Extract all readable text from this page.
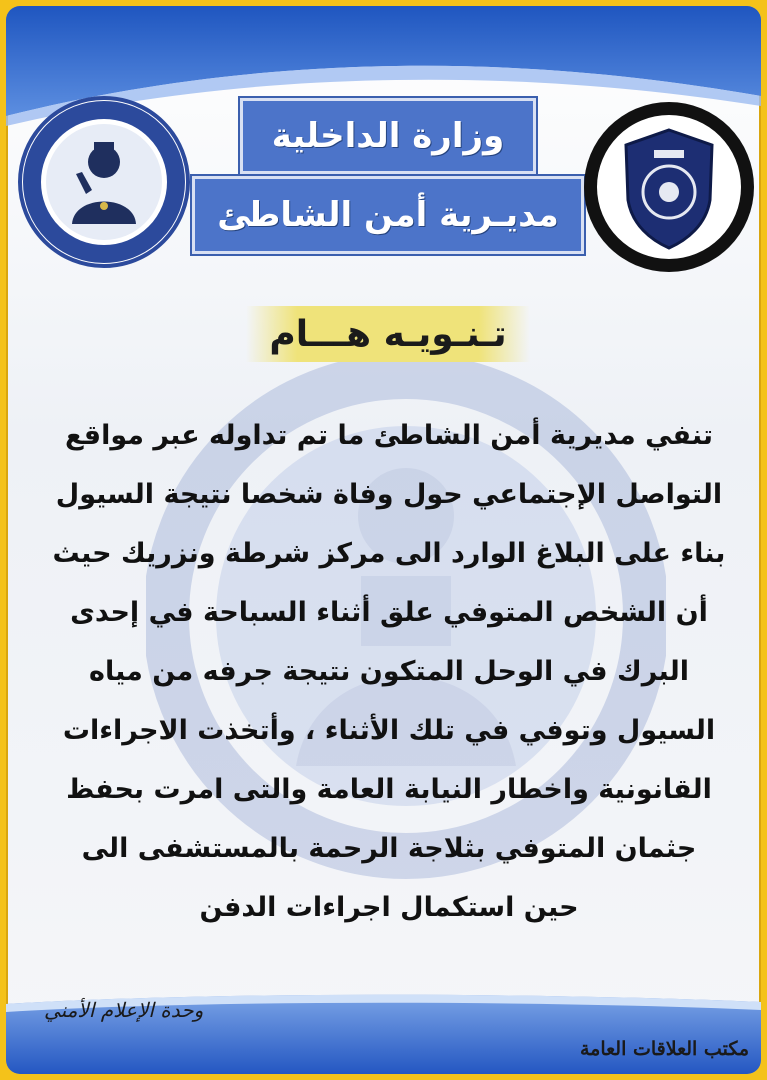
وزارة الداخلية
مديـرية أمن الشاطئ
تـنـويـه هـــام
تنفي مديرية أمن الشاطئ ما تم تداوله عبر مواقع
التواصل الإجتماعي حول وفاة شخصا نتيجة السيول
بناء على البلاغ الوارد الى مركز شرطة ونزريك حيث
أن الشخص المتوفي علق أثناء السباحة في إحدى
البرك في الوحل المتكون نتيجة جرفه من مياه
السيول وتوفي في تلك الأثناء ، وأتخذت الاجراءات
القانونية واخطار النيابة العامة والتى امرت بحفظ
جثمان المتوفي بثلاجة الرحمة بالمستشفى الى
حين استكمال اجراءات الدفن
وحدة الإعلام الأمني
مكتب العلاقات العامة
